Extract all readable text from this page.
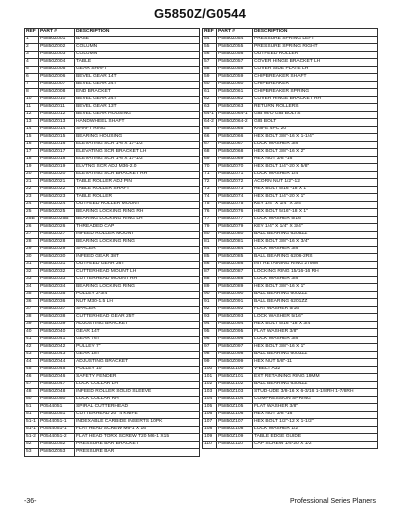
G5850Z/G0544
REF	PART #	DESCRIPTION
1	P5850Z001	BASE
2	P5850Z002	COLUMN
3	P5850Z003	COLUMN
4	P5850Z004	TABLE
5	P5850Z005	GEAR SHAFT
6	P5850Z006	BEVEL GEAR 14T
7	P5850Z007	BEVEL GEAR 24T
8	P5850Z008	END BRACKET
10	P5850Z010	BEVEL GEAR 24T
11	P5850Z011	BEVEL GEAR 13T
12	P5850Z012	BEVEL GEAR HOUSING
13	P5850Z013	HANDWHEEL SHAFT
14	P5850Z014	SHAFT RING
15	P5850Z015	BEARING HOUSING
16	P5850Z016	ELEVATING SCR 1-6 X 17-1/2"
17	P5850Z017	ELEVATING SCR BRACKET LH
18	P5850Z018	ELEVATING SCR 1-6 X 17-1/2"
19	P5850Z019	ELVTNG SCR ADJ M36-2.0
20	P5850Z020	ELEVATING SCR BRACKET RH
21	P5850Z021	TABLE ROLLER ADJ PIN
22	P5850Z022	TABLE ROLLER SHAFT
23	P5850Z023	TABLE ROLLER
24	P5850Z024	OUTFEED ROLLER MOUNT
25	P5850Z025	BEARING LOCKING RING RH
25B	P5850Z025B	BEARING LOCKING RING LH
26	P5850Z026	THREADED CAP
27	P5850Z027	INFEED ROLLER MOUNT
28	P5850Z028	BEARING LOCKING RING
29	P5850Z029	SPACER
30	P5850Z030	INFEED GEAR 38T
31	P5850Z031	OUTFEED GEAR 26T
32	P5850Z032	CUTTERHEAD MOUNT LH
33	P5850Z033	CUTTERHEAD MOUNT RH
34	P5850Z034	BEARING LOCKING RING
35	P5850Z035	PULLEY 2-3/4"
36	P5850Z036	NUT M30-1.5 LH
37	P5850Z037	SPACER
38	P5850Z038	CUTTERHEAD GEAR 25T
39	P5850Z039	ADJUSTING BRACKET
40	P5850Z040	GEAR 14T
41	P5850Z041	GEAR 76T
42	P5850Z042	PULLEY 7"
43	P5850Z043	GEAR 18T
44	P5850Z044	ADJUSTING BRACKET
45	P5850Z045	PULLEY 10"
46	P5850Z046	SAFETY FENDER
47	P5850Z047	LOCK COLLAR LH
48	P5850Z048	INFEED ROLLER SOLID SLEEVE
50	P5850Z050	LOCK COLLAR RH
51	P0544051	SPIRAL CUTTERHEAD
51	P5850Z051	CUTTERHEAD 20" 4 KNIFE
51-1	P0544051-1	INDEXABLE CARBIDE INSERTS 10PK
51-1	P0544051-1	FLAT HEAD SCREW M6-1 X 16
51-2	P0544051-2	FLAT HEAD TORX SCREW T20 M6-1 X15
52	P5850Z052	PRESSURE BAR BRACKET
53	P5850Z053	PRESSURE BAR
REF	PART #	DESCRIPTION
54	P5850Z054	PRESSURE SPRING LEFT
55	P5850Z055	PRESSURE SPRING RIGHT
56	P5850Z056	OUTFEED ROLLER
57	P5850Z057	COVER HINGE BRACKET LH
58	P5850Z058	COVER SIDE PLATE LH
59	P5850Z059	CHIPBREAKER SHAFT
60	P5850Z060	CHIPBREAKER
61	P5850Z061	CHIPBREAKER SPRING
62	P5850Z062	COVER HINGE BRACKET RH
63	P5850Z063	RETURN ROLLERS
64-1	P5850Z064-1	GIB W/O GIB BOLTS
64-2	P5850Z064-2	GIB BOLT
65	P5850Z065	KNIFE 4PC 20"
66	P5850Z066	HEX BOLT 3/8"-16 X 1-1/4"
67	P5850Z067	LOCK WASHER 3/8"
68	P5850Z068	HEX BOLT 3/8"-16 X 2"
69	P5850Z069	HEX NUT 3/8"-16
70	P5850Z070	HEX BOLT 1/4"-20 X 5/8"
71	P5850Z071	LOCK WASHER 1/4"
72	P5850Z072	ACORN NUT 1/2"-12
73	P5850Z073	HEX BOLT 5/16"-18 X 1"
74	P5850Z074	HEX BOLT 1/4"-20 X 1"
75	P5850Z075	KEY 1/4" X 1/4" X 3/4"
76	P5850Z076	HEX BOLT 5/16"-18 X 1"
77	P5850Z077	LOCK WASHER 5/16"
79	P5850Z079	KEY 1/4" X 1/4" X 3/4"
80	P5850Z080	BALL BEARING 6205ZZ
81	P5850Z081	HEX BOLT 3/8"-16 X 3/4"
84	P5850Z084	LOCK WASHER 3/8"
85	P5850Z085	BALL BEARING 6206-2RS
86	P5850Z086	INT RETAINING RING 27MM
87	P5850Z087	LOCKING RING 15/16-16 RH
88	P5850Z088	LOCK WASHER 3/8"
89	P5850Z089	HEX BOLT 3/8"-16 X 1"
90	P5850Z090	BALL BEARING 6002ZZ
91	P5850Z091	BALL BEARING 6201ZZ
92	P5850Z092	FLAT WASHER 5/16"
93	P5850Z093	LOCK WASHER 5/16"
94	P5850Z094	HEX BOLT 5/16"-18 X 3/4"
95	P5850Z095	FLAT WASHER 3/8"
96	P5850Z096	LOCK WASHER 3/8"
97	P5850Z097	HEX BOLT 3/8"-16 X 1"
98	P5850Z098	BALL BEARING 6003ZZ
99	P5850Z099	HEX NUT 5/8"-11
100	P5850Z100	V-BELT A32
101	P5850Z101	EXT RETAINING RING 19MM
102	P5850Z102	BALL BEARING 6304ZZ
103	P5850Z103	STUD-UDE 3/8-16 X 6-3/16 1-1/8RH 1-7/8RH
104	P5850Z104	COMPRESSION SPRING
105	P5850Z105	FLAT WASHER 3/8"
106	P5850Z106	HEX NUT 3/8"-16
107	P5850Z107	HEX BOLT 1/2"-12 X 1-1/2"
108	P5850Z108	LOCK WASHER 1/2"
109	P5850Z109	TABLE EDGE GUIDE
110	P5850Z110	CAP SCREW 1/4-20 X 1/2
-36-	Professional Series Planers
